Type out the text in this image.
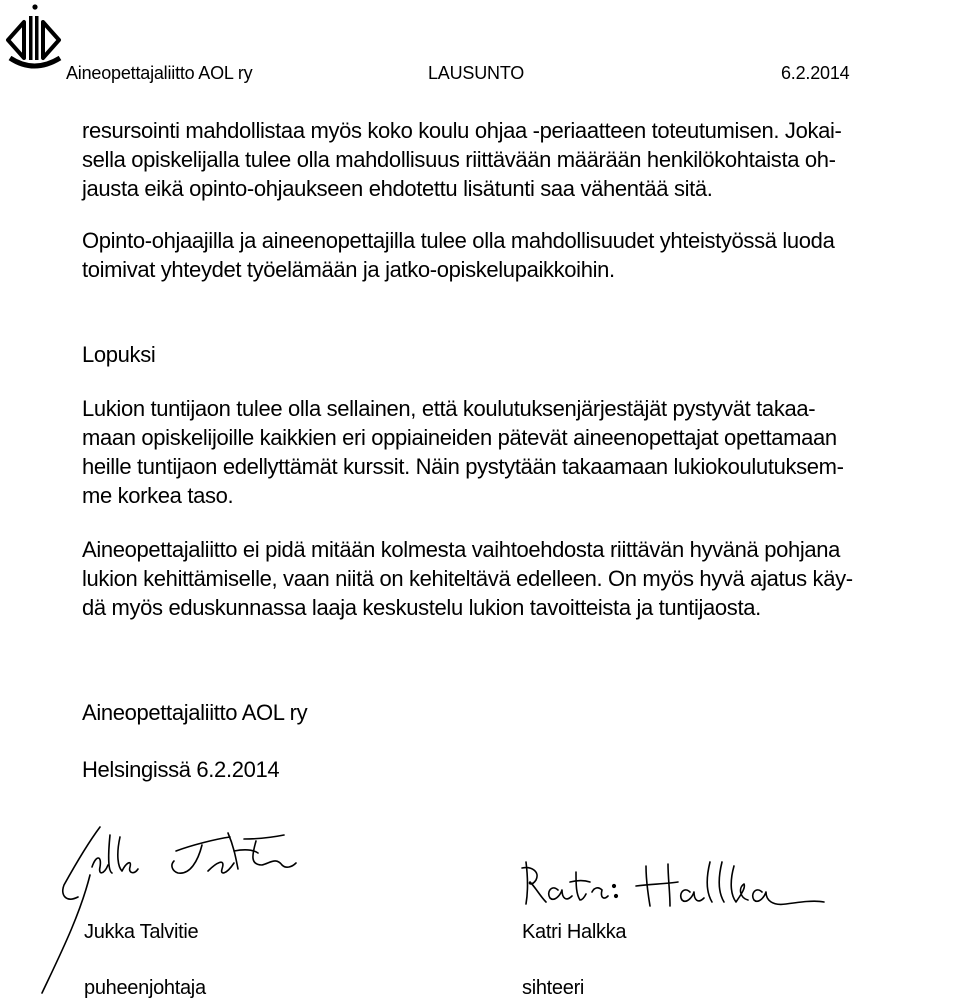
Aineopettajaliitto AOL ry	LAUSUNTO	6.2.2014
resursointi mahdollistaa myös koko koulu ohjaa -periaatteen toteutumisen. Jokai-
sella opiskelijalla tulee olla mahdollisuus riittävään määrään henkilökohtaista oh-
jausta eikä opinto-ohjaukseen ehdotettu lisätunti saa vähentää sitä.
Opinto-ohjaajilla ja aineenopettajilla tulee olla mahdollisuudet yhteistyössä luoda
toimivat yhteydet työelämään ja jatko-opiskelupaikkoihin.
Lopuksi
Lukion tuntijaon tulee olla sellainen, että koulutuksenjärjestäjät pystyvät takaa-
maan opiskelijoille kaikkien eri oppiaineiden pätevät aineenopettajat opettamaan
heille tuntijaon edellyttämät kurssit. Näin pystytään takaamaan lukiokoulutuksem-
me korkea taso.
Aineopettajaliitto ei pidä mitään kolmesta vaihtoehdosta riittävän hyvänä pohjana
lukion kehittämiselle, vaan niitä on kehiteltävä edelleen. On myös hyvä ajatus käy-
dä myös eduskunnassa laaja keskustelu lukion tavoitteista ja tuntijaosta.
Aineopettajaliitto AOL ry
Helsingissä 6.2.2014
Jukka Talvitie
puheenjohtaja
Katri Halkka
sihteeri
